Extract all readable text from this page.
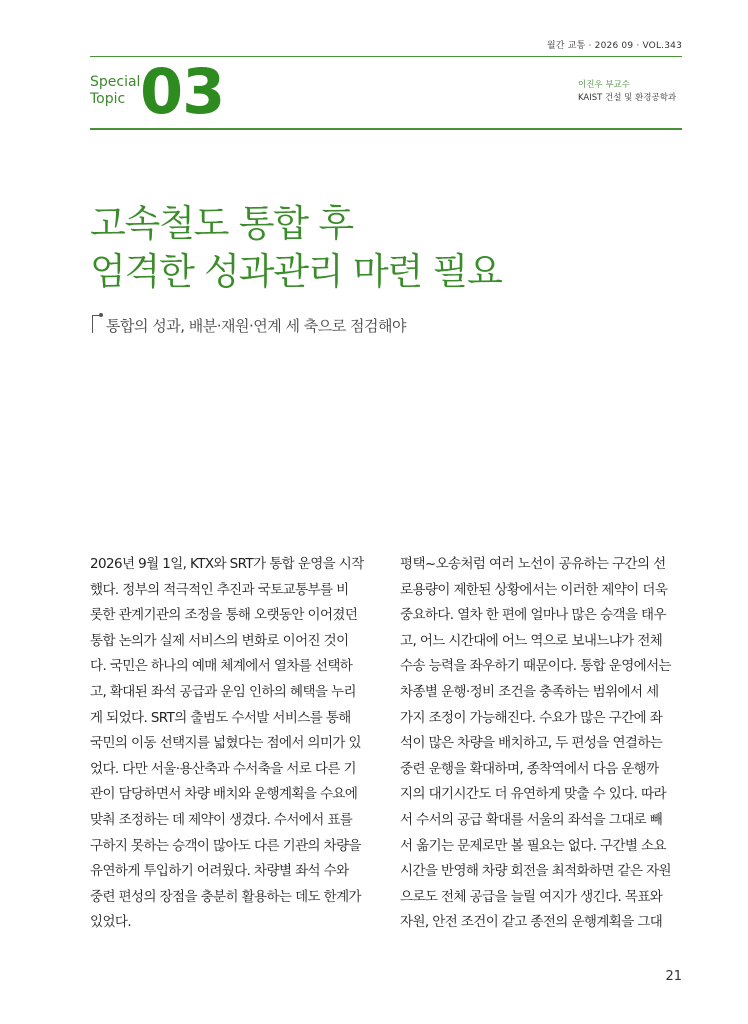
월간 교통 · 2026 09 · VOL.343
Special
Topic 03	이진우 부교수
KAIST 건설 및 환경공학과
고속철도 통합 후
엄격한 성과관리 마련 필요
통합의 성과, 배분·재원·연계 세 축으로 점검해야
2026년 9월 1일, KTX와 SRT가 통합 운영을 시작
했다. 정부의 적극적인 추진과 국토교통부를 비
롯한 관계기관의 조정을 통해 오랫동안 이어졌던
통합 논의가 실제 서비스의 변화로 이어진 것이
다. 국민은 하나의 예매 체계에서 열차를 선택하
고, 확대된 좌석 공급과 운임 인하의 혜택을 누리
게 되었다. SRT의 출범도 수서발 서비스를 통해
국민의 이동 선택지를 넓혔다는 점에서 의미가 있
었다. 다만 서울·용산축과 수서축을 서로 다른 기
관이 담당하면서 차량 배치와 운행계획을 수요에
맞춰 조정하는 데 제약이 생겼다. 수서에서 표를
구하지 못하는 승객이 많아도 다른 기관의 차량을
유연하게 투입하기 어려웠다. 차량별 좌석 수와
중련 편성의 장점을 충분히 활용하는 데도 한계가
있었다.
평택~오송처럼 여러 노선이 공유하는 구간의 선
로용량이 제한된 상황에서는 이러한 제약이 더욱
중요하다. 열차 한 편에 얼마나 많은 승객을 태우
고, 어느 시간대에 어느 역으로 보내느냐가 전체
수송 능력을 좌우하기 때문이다. 통합 운영에서는
차종별 운행·정비 조건을 충족하는 범위에서 세
가지 조정이 가능해진다. 수요가 많은 구간에 좌
석이 많은 차량을 배치하고, 두 편성을 연결하는
중련 운행을 확대하며, 종착역에서 다음 운행까
지의 대기시간도 더 유연하게 맞출 수 있다. 따라
서 수서의 공급 확대를 서울의 좌석을 그대로 빼
서 옮기는 문제로만 볼 필요는 없다. 구간별 소요
시간을 반영해 차량 회전을 최적화하면 같은 자원
으로도 전체 공급을 늘릴 여지가 생긴다. 목표와
자원, 안전 조건이 같고 종전의 운행계획을 그대
21
